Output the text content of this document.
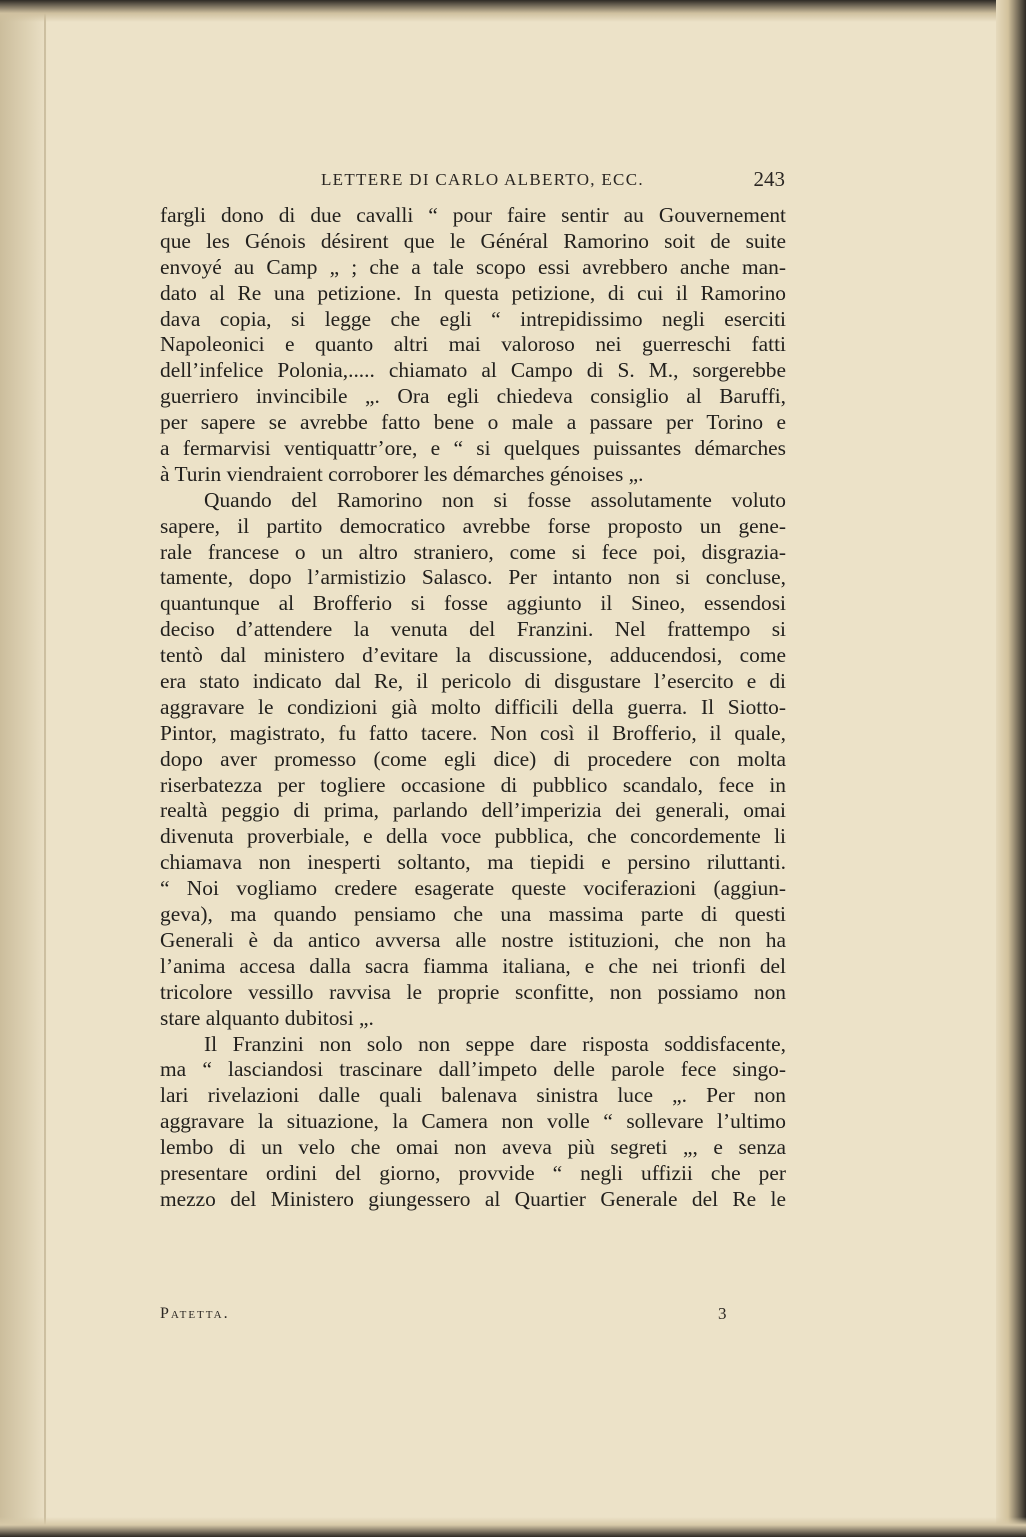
LETTERE DI CARLO ALBERTO, ECC.	243
fargli dono di due cavalli “ pour faire sentir au Gouvernement
que les Génois désirent que le Général Ramorino soit de suite
envoyé au Camp „ ; che a tale scopo essi avrebbero anche man-
dato al Re una petizione. In questa petizione, di cui il Ramorino
dava copia, si legge che egli “ intrepidissimo negli eserciti
Napoleonici e quanto altri mai valoroso nei guerreschi fatti
dell’infelice Polonia,..... chiamato al Campo di S. M., sorgerebbe
guerriero invincibile „. Ora egli chiedeva consiglio al Baruffi,
per sapere se avrebbe fatto bene o male a passare per Torino e
a fermarvisi ventiquattr’ore, e “ si quelques puissantes démarches
à Turin viendraient corroborer les démarches génoises „.
Quando del Ramorino non si fosse assolutamente voluto
sapere, il partito democratico avrebbe forse proposto un gene-
rale francese o un altro straniero, come si fece poi, disgrazia-
tamente, dopo l’armistizio Salasco. Per intanto non si concluse,
quantunque al Brofferio si fosse aggiunto il Sineo, essendosi
deciso d’attendere la venuta del Franzini. Nel frattempo si
tentò dal ministero d’evitare la discussione, adducendosi, come
era stato indicato dal Re, il pericolo di disgustare l’esercito e di
aggravare le condizioni già molto difficili della guerra. Il Siotto-
Pintor, magistrato, fu fatto tacere. Non così il Brofferio, il quale,
dopo aver promesso (come egli dice) di procedere con molta
riserbatezza per togliere occasione di pubblico scandalo, fece in
realtà peggio di prima, parlando dell’imperizia dei generali, omai
divenuta proverbiale, e della voce pubblica, che concordemente li
chiamava non inesperti soltanto, ma tiepidi e persino riluttanti.
“ Noi vogliamo credere esagerate queste vociferazioni (aggiun-
geva), ma quando pensiamo che una massima parte di questi
Generali è da antico avversa alle nostre istituzioni, che non ha
l’anima accesa dalla sacra fiamma italiana, e che nei trionfi del
tricolore vessillo ravvisa le proprie sconfitte, non possiamo non
stare alquanto dubitosi „.
Il Franzini non solo non seppe dare risposta soddisfacente,
ma “ lasciandosi trascinare dall’impeto delle parole fece singo-
lari rivelazioni dalle quali balenava sinistra luce „. Per non
aggravare la situazione, la Camera non volle “ sollevare l’ultimo
lembo di un velo che omai non aveva più segreti „, e senza
presentare ordini del giorno, provvide “ negli uffizii che per
mezzo del Ministero giungessero al Quartier Generale del Re le
Patetta.	3
